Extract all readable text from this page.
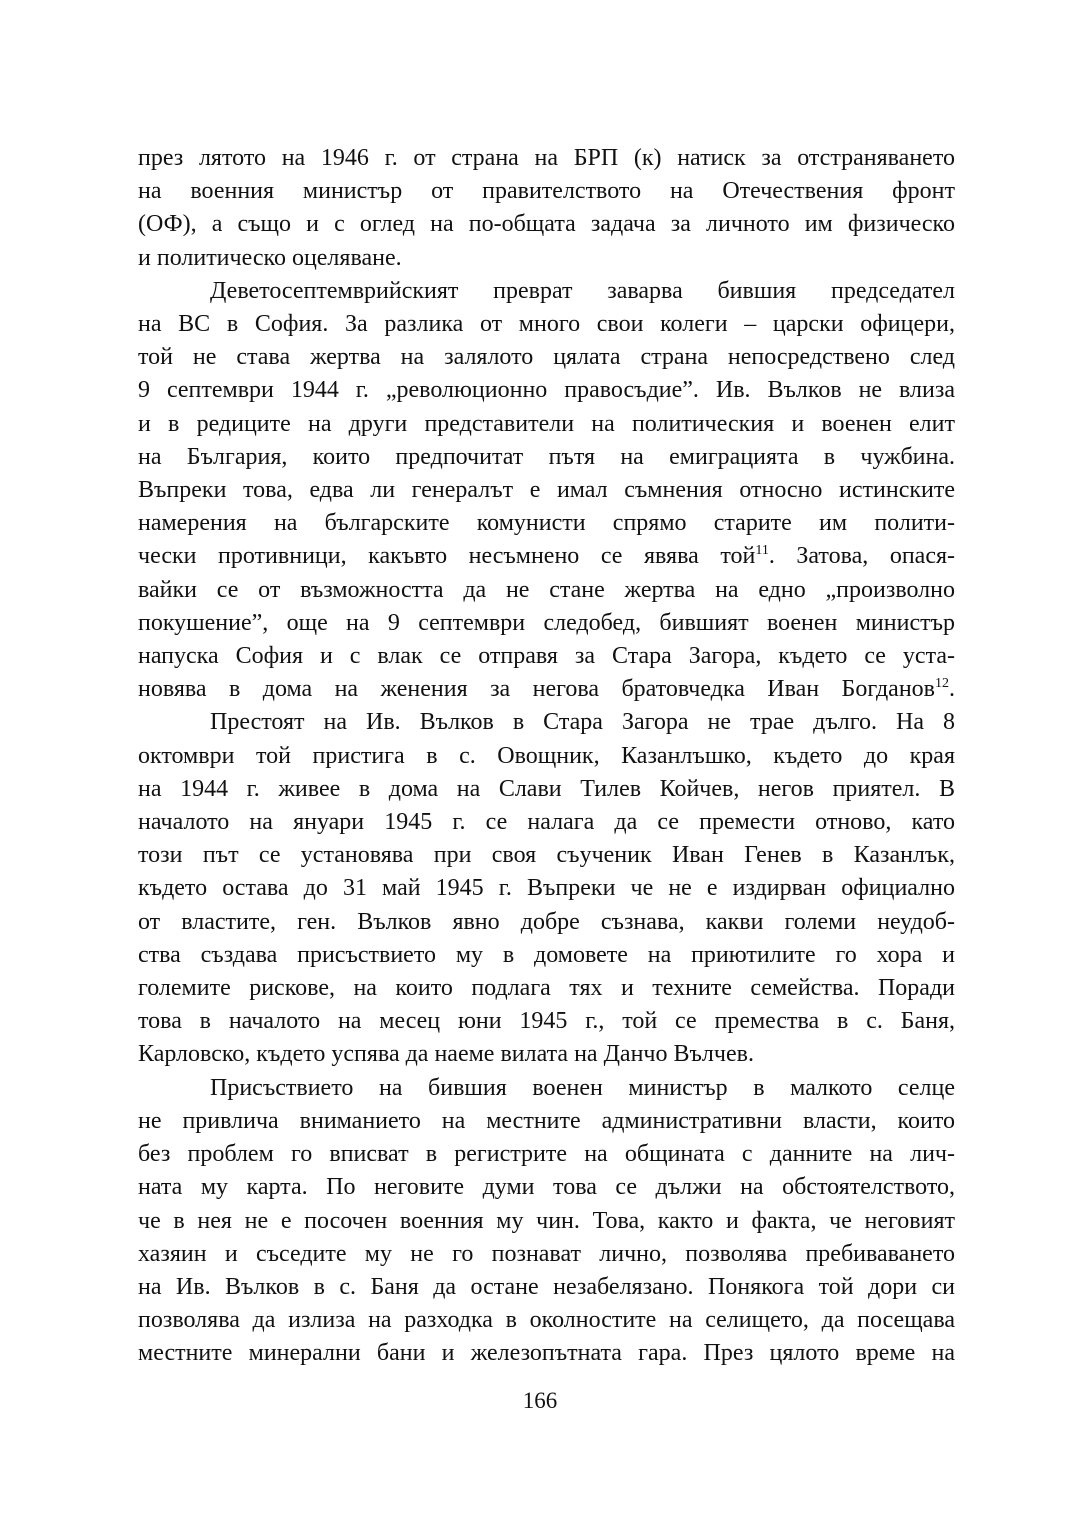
през лятото на 1946 г. от страна на БРП (к) натиск за отстраняването
на военния министър от правителството на Отечествения фронт
(ОФ), а също и с оглед на по-общата задача за личното им физическо
и политическо оцеляване.
Деветосептемврийският преврат заварва бившия председател
на ВС в София. За разлика от много свои колеги – царски офицери,
той не става жертва на залялото цялата страна непосредствено след
9 септември 1944 г. „революционно правосъдие”. Ив. Вълков не влиза
и в редиците на други представители на политическия и военен елит
на България, които предпочитат пътя на емиграцията в чужбина.
Въпреки това, едва ли генералът е имал съмнения относно истинските
намерения на българските комунисти спрямо старите им полити-
чески противници, какъвто несъмнено се явява той$^{11}$. Затова, опася-
вайки се от възможността да не стане жертва на едно „произволно
покушение”, още на 9 септември следобед, бившият военен министър
напуска София и с влак се отправя за Стара Загора, където се уста-
новява в дома на женения за негова братовчедка Иван Богданов$^{12}$.
Престоят на Ив. Вълков в Стара Загора не трае дълго. На 8
октомври той пристига в с. Овощник, Казанлъшко, където до края
на 1944 г. живее в дома на Слави Тилев Койчев, негов приятел. В
началото на януари 1945 г. се налага да се премести отново, като
този път се установява при своя съученик Иван Генев в Казанлък,
където остава до 31 май 1945 г. Въпреки че не е издирван официално
от властите, ген. Вълков явно добре съзнава, какви големи неудоб-
ства създава присъствието му в домовете на приютилите го хора и
големите рискове, на които подлага тях и техните семейства. Поради
това в началото на месец юни 1945 г., той се премества в с. Баня,
Карловско, където успява да наеме вилата на Данчо Вълчев.
Присъствието на бившия военен министър в малкото селце
не привлича вниманието на местните административни власти, които
без проблем го вписват в регистрите на общината с данните на лич-
ната му карта. По неговите думи това се дължи на обстоятелството,
че в нея не е посочен военния му чин. Това, както и факта, че неговият
хазяин и съседите му не го познават лично, позволява пребиваването
на Ив. Вълков в с. Баня да остане незабелязано. Понякога той дори си
позволява да излиза на разходка в околностите на селището, да посещава
местните минерални бани и железопътната гара. През цялото време на
166
